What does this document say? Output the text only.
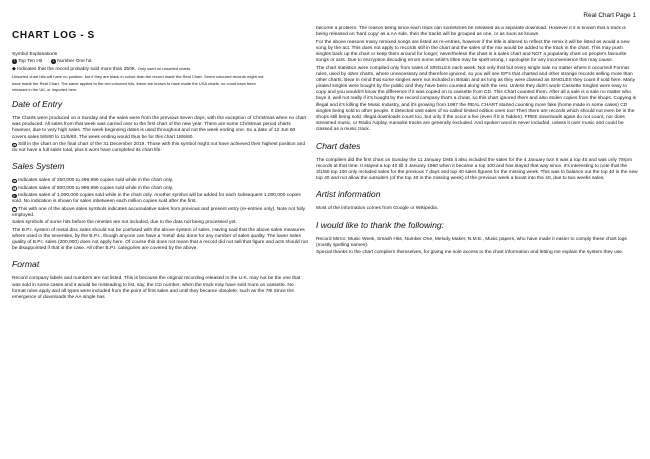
Real Chart Page 1
CHART LOG - S
Symbol Explanations
T Top Ten Hit	1 Number One hit.
◆ Indicates that the record probably sold more than 250K. Only used on unsorted charts.

Unsorted chart hits will have no position, but if they are black in colour than the record made the Real Chart. Green coloured records might not

have made the Real Chart. The same applies to the red coloured hits, these are known to have made the USA charts, so could have been

released in the UK, or imported here.

Date of Entry

The Charts were produced on a Sunday and the sales were from the previous seven days, with the exception of Christmas when no chart was produced. All sales from that week was carried over to the first chart of the new year. There are some Christmas period charts however, due to very high sales. The week beginning dates is used throughout and not the week ending one. So a date of 12 Jun 60 covers sales 5/6/60 to 11/6/60. The week ending would thus be for this chart 18/6/60.

s Still in the chart on the final chart of the 31 December 2019. Those with this symbol might not have achieved their highest position and do not have a full sales total, plus it wont have completed its chart life.

Sales System

s Indicates sales of 250,000 to 499,999 copies sold while in the chart only.

g Indicates sales of 500,000 to 999,999 copies sold while in the chart only.

p Indicates sales of 1,000,000 copies sold while in the chart only. Another symbol will be added for each subsequent 1,000,000 copies sold. No indication is shown for sales inbetween each million copies sold after the first.

+ This with one of the above sales symbols indicates accumulative sales from previous and present entry (re-entries only). Note not fully employed.

Sales symbols of some hits before the nineties are not included, due to the data not being processed yet.

The B.P.I. system of metal disc sales should not be confused with the above system of sales. Having said that the above sales measures where used in the seventies, by the B.P.I., though anyone can have a 'metal' disc done for any number of sales quality. The lower sales quality of B.P.I. sales (200,000) does not apply here. Of course this does not mean that a record did not sell that figure and acts should not be disappointed if that is the case. All other B.P.I. categories are covered by the above.

Format

Record company labels and numbers are not listed. This is because the original recording released in the U.K. may not be the one that was sold in some cases and it would be misleading to list, say, the CD number, when the track may have sold more on cassette. No format rules apply and all types were included from the point of first sales and until they became obsolete, such as the 78! Since the emergence of downloads the AA single has

become a problem. The reason being since each track can sometimes be released as a separate download. However if it is known that a track is being released on 'hard copy' as a AA side, then the tracks will be grouped as one, or as soon as known.

For the above reasons many remixed songs are listed as re-entries, however if the title is altered to reflect the remix it will be listed as would a new song by the act. This does not apply to records still in the chart and the sales of the mix would be added to the track in the chart. This may push singles back up the chart or keep them around for longer, nevertheless the chart is a sales chart and NOT a popularity chart on people's favourite songs or acts. Due to encryption decoding errors some artist's titles may be spelt wrong, I apologise for any inconvenience this may cause.

The chart statistics were compiled only from sales of SINGLES each week. Not only that but every single sale no matter where it occurred! Format rules, used by other charts, where unnecessary and therefore ignored, so you will see EP's that charted and other strange records selling more than other charts. Bear in mind that some singles were not included in Britain and as long as they were classed as SINGLES they count if sold here. Many pirated singles were bought by the public and they have been counted along with the rest. Unless they didn't work! Cassette Singles were easy to copy and you wouldn't know the difference if it was copied on to cassette from CD. This Chart counted them. After all a sale is a sale no matter who buys it, well not really if it's bought by the record company that's a cheat, so this chart ignored them and also stolen copies from the shops. Copying is illegal and it's killing the Music Industry, and it's growing from 1997 the REAL CHART started counting more fake (home made in some cases) CD singles being sold to other people. It detected vast sales of so-called limited edition ones too! Then there are records which should not even be in the shops still being sold. Illegal downloads count too, but only if the occur a fee (even if it is hidden). FREE downloads again do not count, nor does streamed music, or Radio Airplay. Karaoke tracks are generally excluded. And spoken word is never included, unless it over music and could be classed as a music track.

Chart dates

The compilers did the first chart on Sunday the 11 January 1945 it also included the sales for the 4 January too! It was a top 40 and was only 78rpm records at that time. It stayed a top 40 till 3 January 1960 when it became a top 100 and has stayed that way since. It's interesting to note that the 3/1/60 top 100 only included sales for the previous 7 days and top 40 sales figures for the missing week. This was to balance out the top 40 in the new top 40 and not allow the outsiders (of the top 40 in the missing week) of the previous week a boost into the 40, due to two weeks sales.

Artist information

Most of the information comes from Google or Wikipedia.

I would like to thank the following:

Record Mirror, Music Week, Smash Hits, Number One, Melody Maker, N.M.E., Music papers, who have made it easier to comply these chart logs (mostly spelling names).

Special thanks to the chart compilers themselves, for giving me sole access to the chart information and letting me explain the system they use.
